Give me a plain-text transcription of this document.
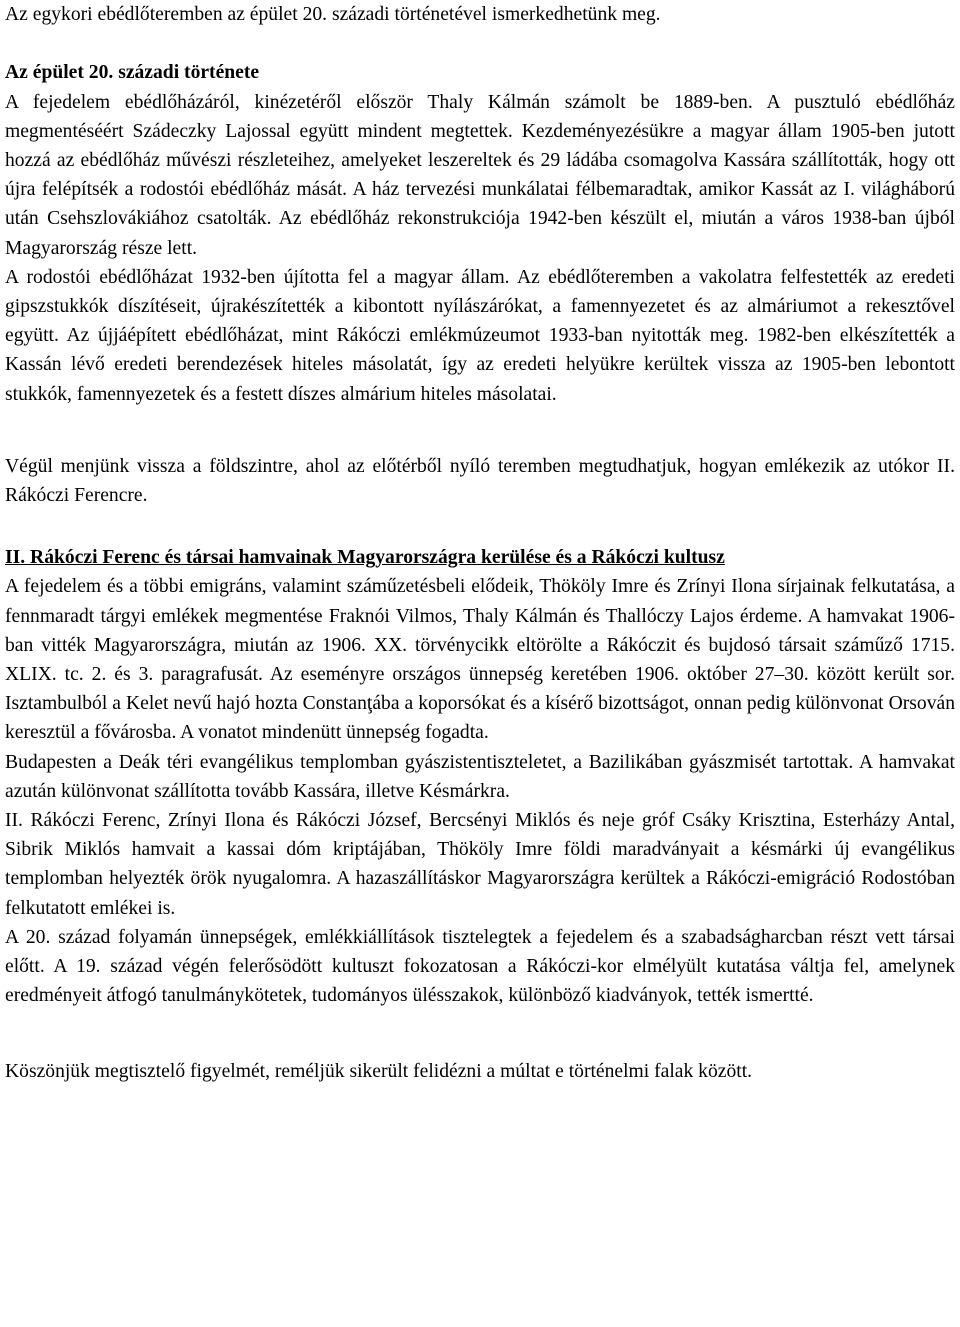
Az egykori ebédlőteremben az épület 20. századi történetével ismerkedhetünk meg.

Az épület 20. századi története

A fejedelem ebédlőházáról, kinézetéről először Thaly Kálmán számolt be 1889-ben. A pusztuló ebédlőház megmentéséért Szádeczky Lajossal együtt mindent megtettek. Kezdeményezésükre a magyar állam 1905-ben jutott hozzá az ebédlőház művészi részleteihez, amelyeket leszereltek és 29 ládába csomagolva Kassára szállították, hogy ott újra felépítsék a rodostói ebédlőház mását. A ház tervezési munkálatai félbemaradtak, amikor Kassát az I. világháború után Csehszlovákiához csatolták. Az ebédlőház rekonstrukciója 1942-ben készült el, miután a város 1938-ban újból Magyarország része lett.

A rodostói ebédlőházat 1932-ben újította fel a magyar állam. Az ebédlőteremben a vakolatra felfestették az eredeti gipszstukkók díszítéseit, újrakészítették a kibontott nyílászárókat, a famennyezetet és az almáriumot a rekesztővel együtt. Az újjáépített ebédlőházat, mint Rákóczi emlékmúzeumot 1933-ban nyitották meg. 1982-ben elkészítették a Kassán lévő eredeti berendezések hiteles másolatát, így az eredeti helyükre kerültek vissza az 1905-ben lebontott stukkók, famennyezetek és a festett díszes almárium hiteles másolatai.

Végül menjünk vissza a földszintre, ahol az előtérből nyíló teremben megtudhatjuk, hogyan emlékezik az utókor II. Rákóczi Ferencre.

II. Rákóczi Ferenc és társai hamvainak Magyarországra kerülése és a Rákóczi kultusz

A fejedelem és a többi emigráns, valamint száműzetésbeli elődeik, Thököly Imre és Zrínyi Ilona sírjainak felkutatása, a fennmaradt tárgyi emlékek megmentése Fraknói Vilmos, Thaly Kálmán és Thallóczy Lajos érdeme. A hamvakat 1906-ban vitték Magyarországra, miután az 1906. XX. törvénycikk eltörölte a Rákóczit és bujdosó társait száműző 1715. XLIX. tc. 2. és 3. paragrafusát. Az eseményre országos ünnepség keretében 1906. október 27–30. között került sor. Isztambulból a Kelet nevű hajó hozta Constanţába a koporsókat és a kísérő bizottságot, onnan pedig különvonat Orsován keresztül a fővárosba. A vonatot mindenütt ünnepség fogadta.

Budapesten a Deák téri evangélikus templomban gyászistentiszteletet, a Bazilikában gyászmisét tartottak. A hamvakat azután különvonat szállította tovább Kassára, illetve Késmárkra.

II. Rákóczi Ferenc, Zrínyi Ilona és Rákóczi József, Bercsényi Miklós és neje gróf Csáky Krisztina, Esterházy Antal, Sibrik Miklós hamvait a kassai dóm kriptájában, Thököly Imre földi maradványait a késmárki új evangélikus templomban helyezték örök nyugalomra. A hazaszállításkor Magyarországra kerültek a Rákóczi-emigráció Rodostóban felkutatott emlékei is.

A 20. század folyamán ünnepségek, emlékkiállítások tisztelegtek a fejedelem és a szabadságharcban részt vett társai előtt. A 19. század végén felerősödött kultuszt fokozatosan a Rákóczi-kor elmélyült kutatása váltja fel, amelynek eredményeit átfogó tanulmánykötetek, tudományos ülésszakok, különböző kiadványok, tették ismertté.

Köszönjük megtisztelő figyelmét, reméljük sikerült felidézni a múltat e történelmi falak között.
